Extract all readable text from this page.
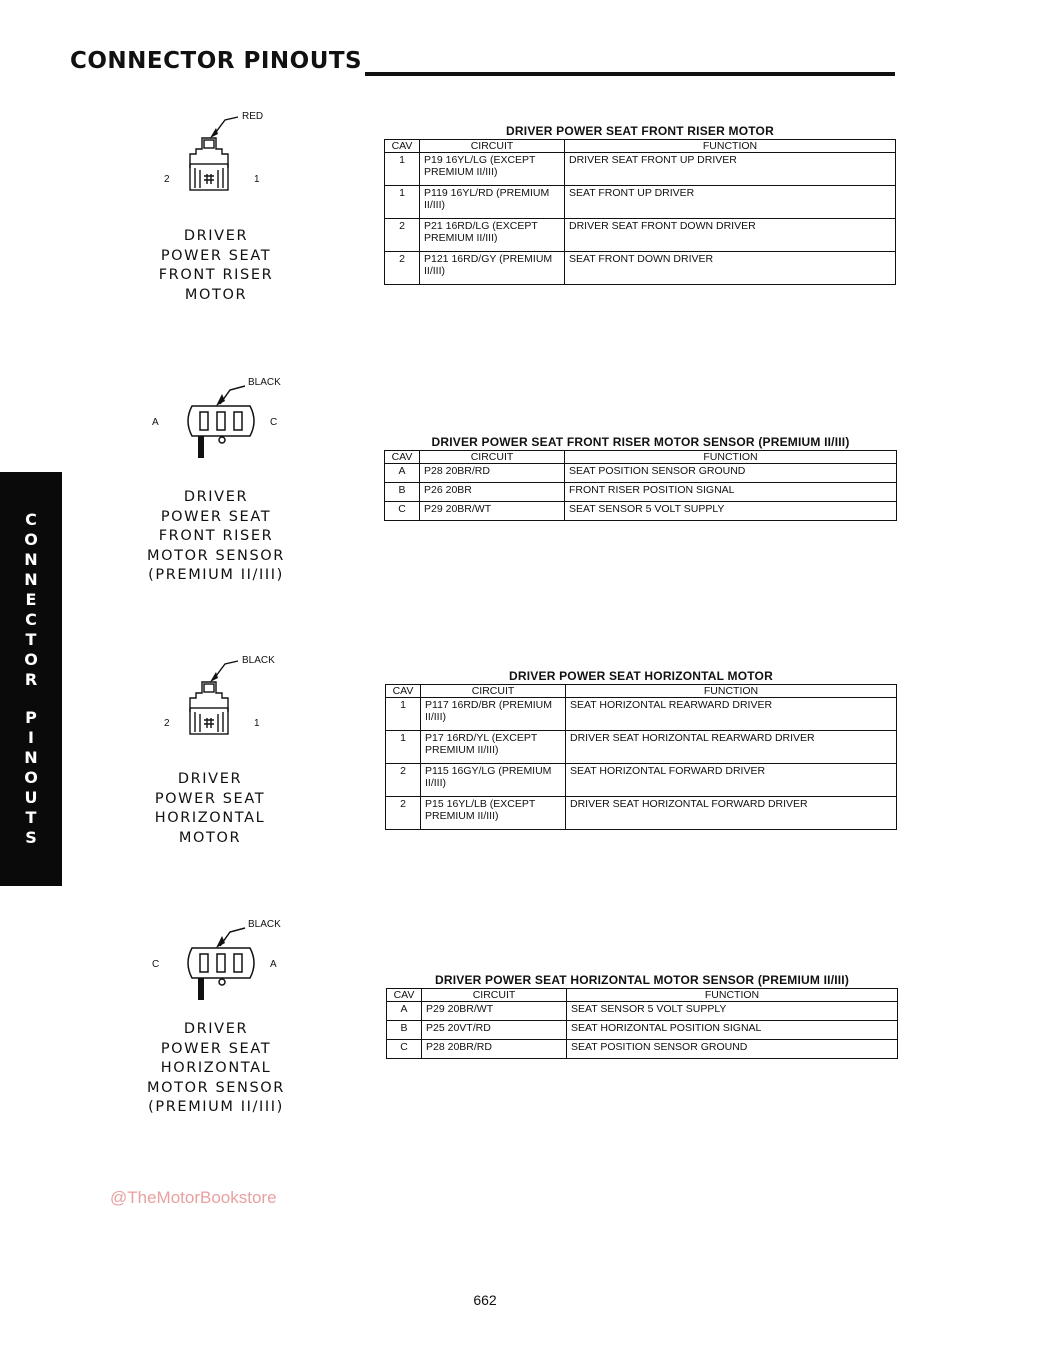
CONNECTOR PINOUTS
C
O
N
N
E
C
T
O
R
P
I
N
O
U
T
S
@TheMotorBookstore
662
RED
2	1
DRIVER
POWER SEAT
FRONT RISER
MOTOR
DRIVER POWER SEAT FRONT RISER MOTOR
CAV	CIRCUIT	FUNCTION
1	P19 16YL/LG (EXCEPT PREMIUM II/III)	DRIVER SEAT FRONT UP DRIVER
1	P119 16YL/RD (PREMIUM II/III)	SEAT FRONT UP DRIVER
2	P21 16RD/LG (EXCEPT PREMIUM II/III)	DRIVER SEAT FRONT DOWN DRIVER
2	P121 16RD/GY (PREMIUM II/III)	SEAT FRONT DOWN DRIVER
BLACK
A	C
DRIVER
POWER SEAT
FRONT RISER
MOTOR SENSOR
(PREMIUM II/III)
DRIVER POWER SEAT FRONT RISER MOTOR SENSOR (PREMIUM II/III)
CAV	CIRCUIT	FUNCTION
A	P28 20BR/RD	SEAT POSITION SENSOR GROUND
B	P26 20BR	FRONT RISER POSITION SIGNAL
C	P29 20BR/WT	SEAT SENSOR 5 VOLT SUPPLY
BLACK
2	1
DRIVER
POWER SEAT
HORIZONTAL
MOTOR
DRIVER POWER SEAT HORIZONTAL MOTOR
CAV	CIRCUIT	FUNCTION
1	P117 16RD/BR (PREMIUM II/III)	SEAT HORIZONTAL REARWARD DRIVER
1	P17 16RD/YL (EXCEPT PREMIUM II/III)	DRIVER SEAT HORIZONTAL REARWARD DRIVER
2	P115 16GY/LG (PREMIUM II/III)	SEAT HORIZONTAL FORWARD DRIVER
2	P15 16YL/LB (EXCEPT PREMIUM II/III)	DRIVER SEAT HORIZONTAL FORWARD DRIVER
BLACK
C	A
DRIVER
POWER SEAT
HORIZONTAL
MOTOR SENSOR
(PREMIUM II/III)
DRIVER POWER SEAT HORIZONTAL MOTOR SENSOR (PREMIUM II/III)
CAV	CIRCUIT	FUNCTION
A	P29 20BR/WT	SEAT SENSOR 5 VOLT SUPPLY
B	P25 20VT/RD	SEAT HORIZONTAL POSITION SIGNAL
C	P28 20BR/RD	SEAT POSITION SENSOR GROUND
